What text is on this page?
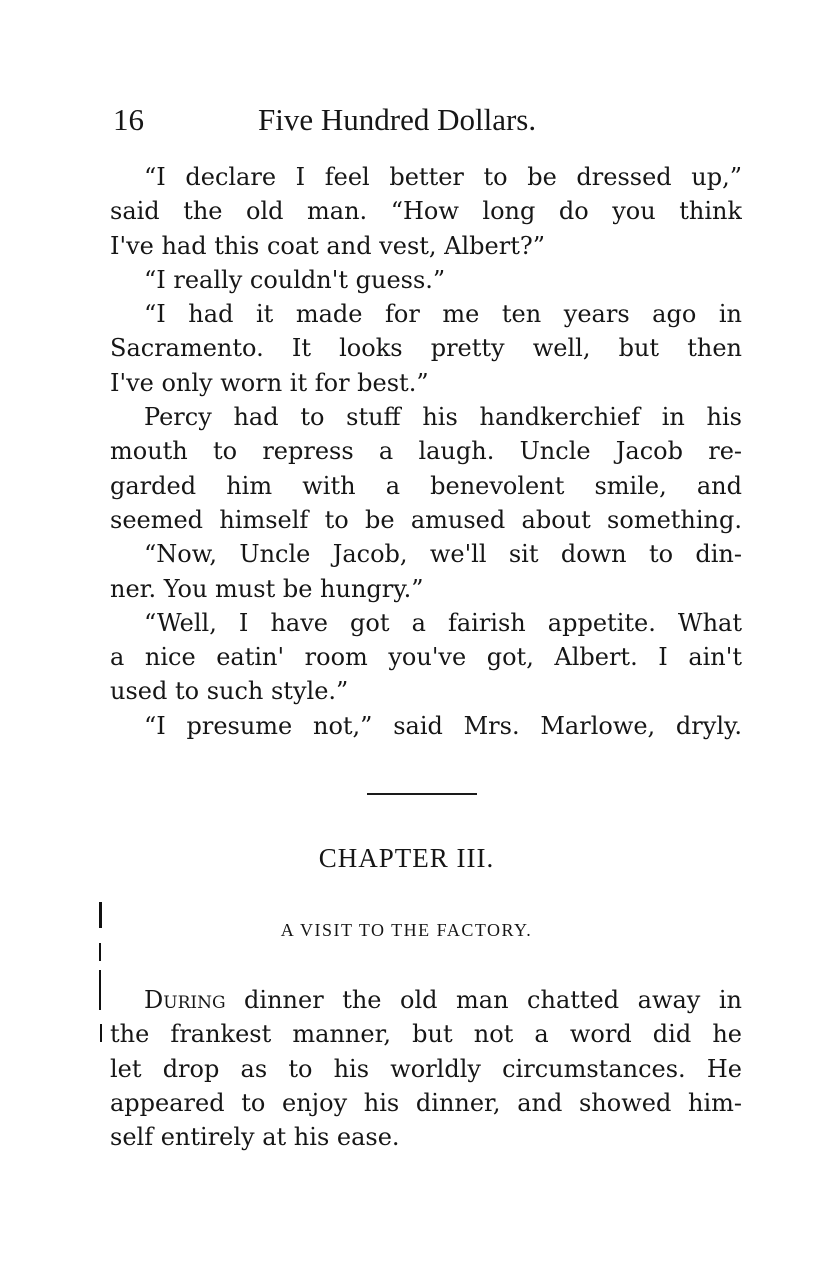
16	Five Hundred Dollars.
“I declare I feel better to be dressed up,”
said the old man. “How long do you think
I've had this coat and vest, Albert?”
“I really couldn't guess.”
“I had it made for me ten years ago in
Sacramento. It looks pretty well, but then
I've only worn it for best.”
Percy had to stuff his handkerchief in his
mouth to repress a laugh. Uncle Jacob re-
garded him with a benevolent smile, and
seemed himself to be amused about something.
“Now, Uncle Jacob, we'll sit down to din-
ner. You must be hungry.”
“Well, I have got a fairish appetite. What
a nice eatin' room you've got, Albert. I ain't
used to such style.”
“I presume not,” said Mrs. Marlowe, dryly.
CHAPTER III.
A VISIT TO THE FACTORY.
During dinner the old man chatted away in
the frankest manner, but not a word did he
let drop as to his worldly circumstances. He
appeared to enjoy his dinner, and showed him-
self entirely at his ease.
